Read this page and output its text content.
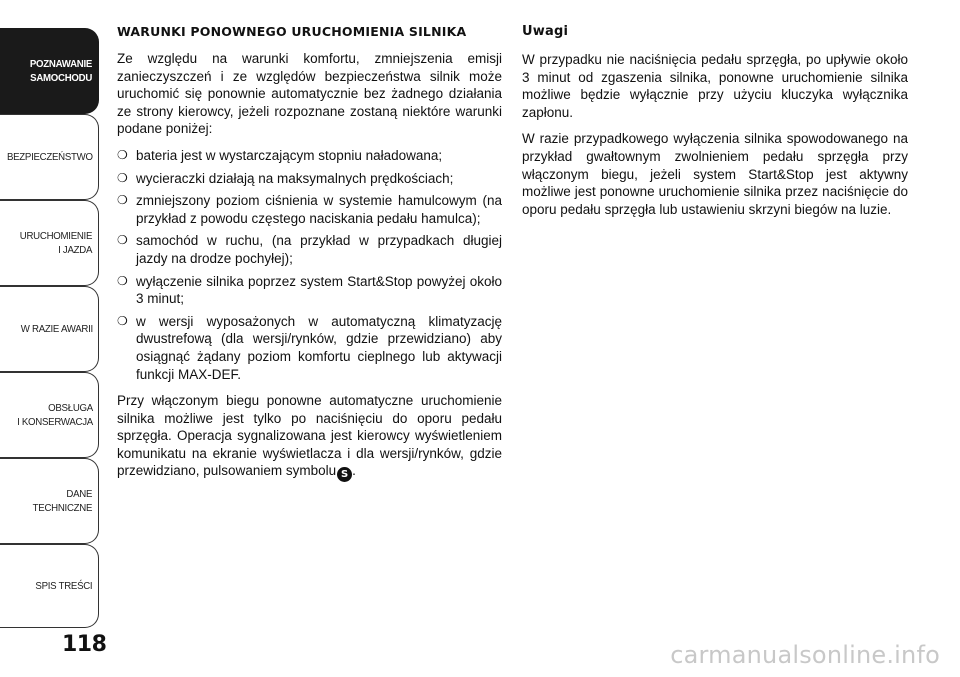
POZNAWANIE
SAMOCHODU
BEZPIECZEŃSTWO
URUCHOMIENIE
I JAZDA
W RAZIE AWARII
OBSŁUGA
I KONSERWACJA
DANE
TECHNICZNE
SPIS TREŚCI
118
WARUNKI PONOWNEGO URUCHOMIENIA SILNIKA

Ze względu na warunki komfortu, zmniejszenia emisji zanieczyszczeń i ze względów bezpieczeństwa silnik może uruchomić się ponownie automatycznie bez żadnego działania ze strony kierowcy, jeżeli rozpoznane zostaną niektóre warunki podane poniżej:

❍ bateria jest w wystarczającym stopniu naładowana;
❍ wycieraczki działają na maksymalnych prędkościach;
❍ zmniejszony poziom ciśnienia w systemie hamulcowym (na przykład z powodu częstego naciskania pedału hamulca);
❍ samochód w ruchu, (na przykład w przypadkach długiej jazdy na drodze pochyłej);
❍ wyłączenie silnika poprzez system Start&Stop powyżej około 3 minut;
❍ w wersji wyposażonych w automatyczną klimatyzację dwustrefową (dla wersji/rynków, gdzie przewidziano) aby osiągnąć żądany poziom komfortu cieplnego lub aktywacji funkcji MAX-DEF.

Przy włączonym biegu ponowne automatyczne uruchomienie silnika możliwe jest tylko po naciśnięciu do oporu pedału sprzęgła. Operacja sygnalizowana jest kierowcy wyświetleniem komunikatu na ekranie wyświetlacza i dla wersji/rynków, gdzie przewidziano, pulsowaniem symbolu S .

Uwagi

W przypadku nie naciśnięcia pedału sprzęgła, po upływie około 3 minut od zgaszenia silnika, ponowne uruchomienie silnika możliwe będzie wyłącznie przy użyciu kluczyka wyłącznika zapłonu.

W razie przypadkowego wyłączenia silnika spowodowanego na przykład gwałtownym zwolnieniem pedału sprzęgła przy włączonym biegu, jeżeli system Start&Stop jest aktywny możliwe jest ponowne uruchomienie silnika przez naciśnięcie do oporu pedału sprzęgła lub ustawieniu skrzyni biegów na luzie.

carmanualsonline.info
